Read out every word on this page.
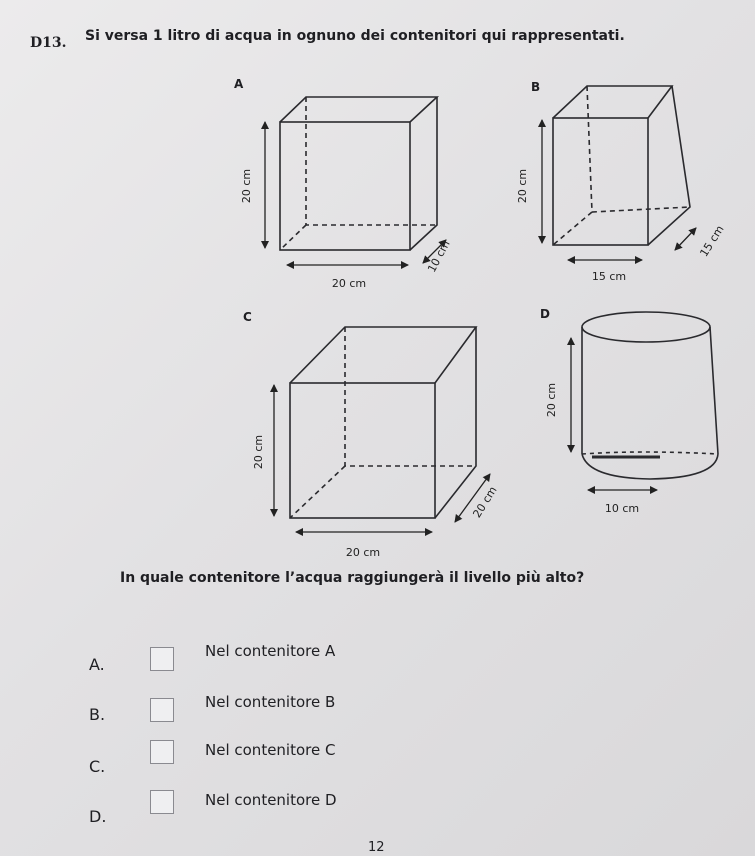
D13. Si versa 1 litro di acqua in ognuno dei contenitori qui rappresentati.
A	B
C	D
20 cm
20 cm
10 cm
20 cm
15 cm
15 cm
20 cm
20 cm
20 cm
20 cm
10 cm
In quale contenitore l’acqua raggiungerà il livello più alto?
A.
Nel contenitore A
B.
Nel contenitore B
C.
Nel contenitore C
D.
Nel contenitore D
12
